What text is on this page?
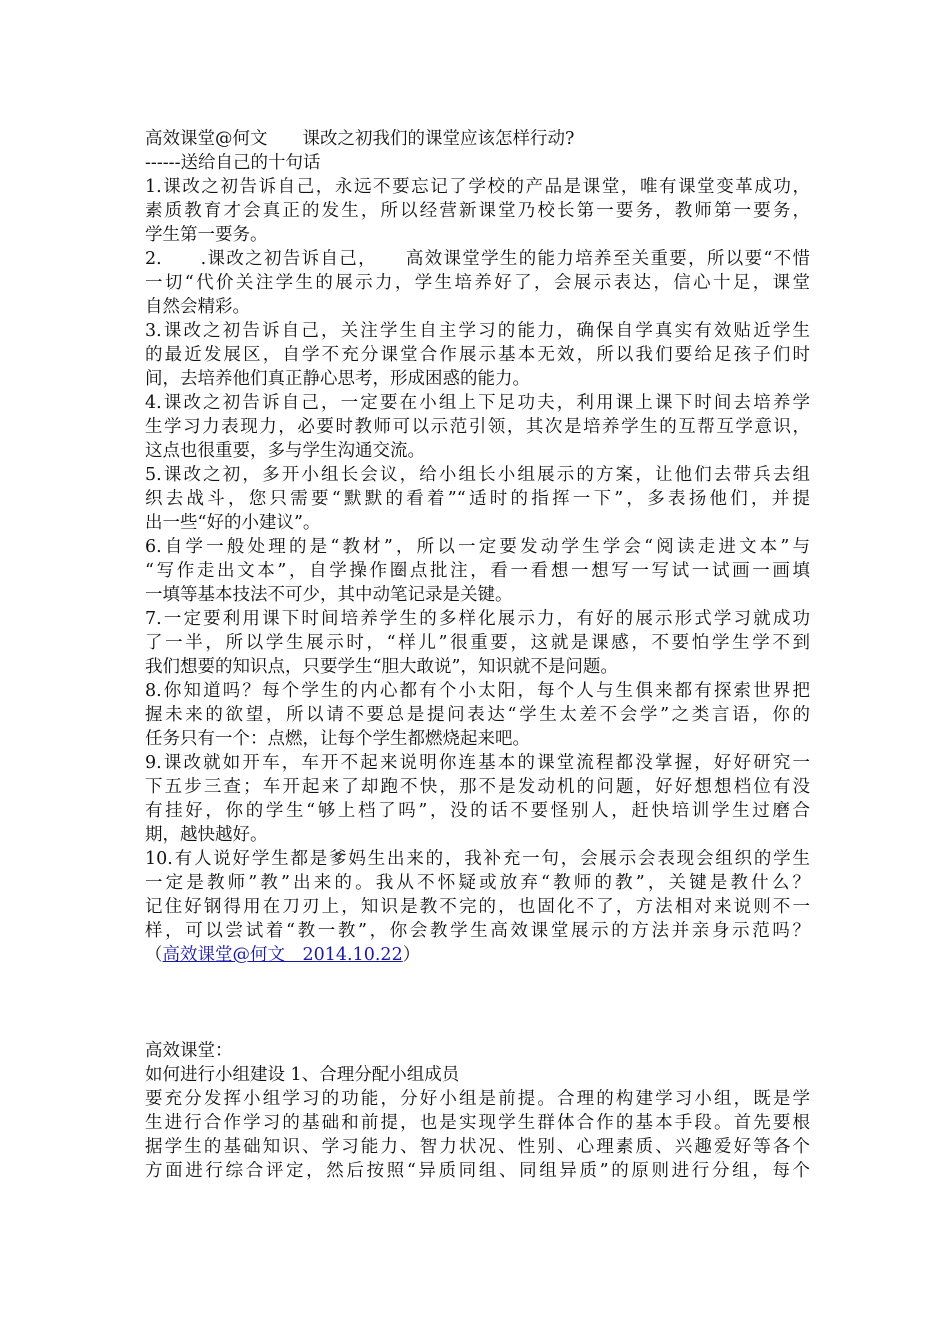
高效课堂@何文　　课改之初我们的课堂应该怎样行动?
------送给自己的十句话
1.课改之初告诉自己，永远不要忘记了学校的产品是课堂，唯有课堂变革成功，
素质教育才会真正的发生，所以经营新课堂乃校长第一要务，教师第一要务，
学生第一要务。
2.　　.课改之初告诉自己，　　高效课堂学生的能力培养至关重要，所以要“不惜
一切“代价关注学生的展示力，学生培养好了，会展示表达，信心十足，课堂
自然会精彩。
3.课改之初告诉自己，关注学生自主学习的能力，确保自学真实有效贴近学生
的最近发展区，自学不充分课堂合作展示基本无效，所以我们要给足孩子们时
间，去培养他们真正静心思考，形成困惑的能力。
4.课改之初告诉自己，一定要在小组上下足功夫，利用课上课下时间去培养学
生学习力表现力，必要时教师可以示范引领，其次是培养学生的互帮互学意识，
这点也很重要，多与学生沟通交流。
5.课改之初，多开小组长会议，给小组长小组展示的方案，让他们去带兵去组
织去战斗，您只需要“默默的看着”“适时的指挥一下”，多表扬他们，并提
出一些“好的小建议”。
6.自学一般处理的是“教材”，所以一定要发动学生学会“阅读走进文本”与
“写作走出文本”，自学操作圈点批注，看一看想一想写一写试一试画一画填
一填等基本技法不可少，其中动笔记录是关键。
7.一定要利用课下时间培养学生的多样化展示力，有好的展示形式学习就成功
了一半，所以学生展示时，“样儿”很重要，这就是课感，不要怕学生学不到
我们想要的知识点，只要学生“胆大敢说”，知识就不是问题。
8.你知道吗？每个学生的内心都有个小太阳，每个人与生俱来都有探索世界把
握未来的欲望，所以请不要总是提问表达“学生太差不会学”之类言语，你的
任务只有一个：点燃，让每个学生都燃烧起来吧。
9.课改就如开车，车开不起来说明你连基本的课堂流程都没掌握，好好研究一
下五步三查；车开起来了却跑不快，那不是发动机的问题，好好想想档位有没
有挂好，你的学生“够上档了吗”，没的话不要怪别人，赶快培训学生过磨合
期，越快越好。
10.有人说好学生都是爹妈生出来的，我补充一句，会展示会表现会组织的学生
一定是教师”教”出来的。我从不怀疑或放弃“教师的教”，关键是教什么？
记住好钢得用在刀刃上，知识是教不完的，也固化不了，方法相对来说则不一
样，可以尝试着“教一教”，你会教学生高效课堂展示的方法并亲身示范吗？
（高效课堂@何文　2014.10.22）
高效课堂：
如何进行小组建设 1、合理分配小组成员
要充分发挥小组学习的功能，分好小组是前提。合理的构建学习小组，既是学
生进行合作学习的基础和前提，也是实现学生群体合作的基本手段。首先要根
据学生的基础知识、学习能力、智力状况、性别、心理素质、兴趣爱好等各个
方面进行综合评定，然后按照“异质同组、同组异质”的原则进行分组，每个
